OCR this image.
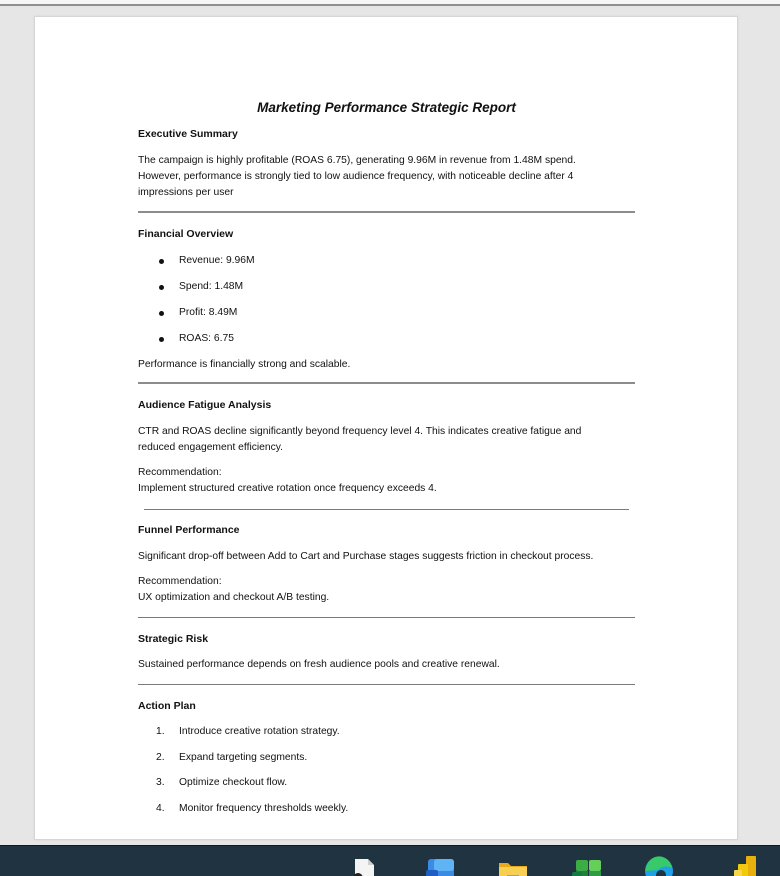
Marketing Performance Strategic Report
Executive Summary
The campaign is highly profitable (ROAS 6.75), generating 9.96M in revenue from 1.48M spend.
However, performance is strongly tied to low audience frequency, with noticeable decline after 4
impressions per user
Financial Overview
Revenue: 9.96M
Spend: 1.48M
Profit: 8.49M
ROAS: 6.75
Performance is financially strong and scalable.
Audience Fatigue Analysis
CTR and ROAS decline significantly beyond frequency level 4. This indicates creative fatigue and
reduced engagement efficiency.
Recommendation:
Implement structured creative rotation once frequency exceeds 4.
Funnel Performance
Significant drop-off between Add to Cart and Purchase stages suggests friction in checkout process.
Recommendation:
UX optimization and checkout A/B testing.
Strategic Risk
Sustained performance depends on fresh audience pools and creative renewal.
Action Plan
1.	Introduce creative rotation strategy.
2.	Expand targeting segments.
3.	Optimize checkout flow.
4.	Monitor frequency thresholds weekly.
